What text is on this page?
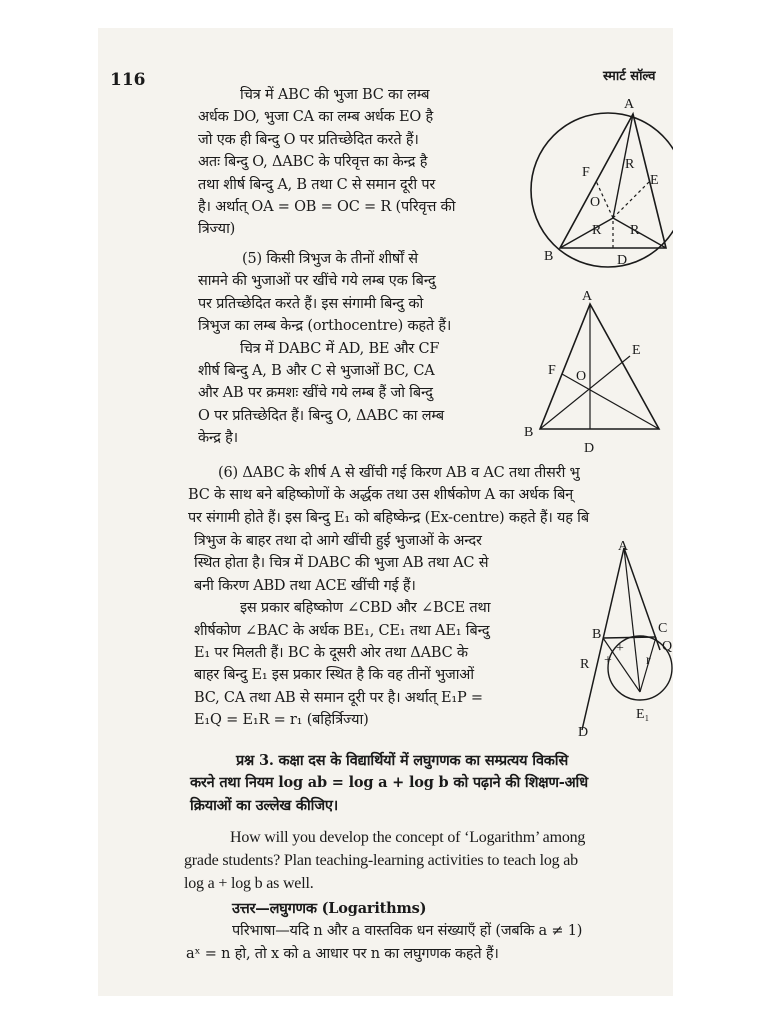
116	स्मार्ट सॉल्व
चित्र में ABC की भुजा BC का लम्ब
अर्धक DO, भुजा CA का लम्ब अर्धक EO है
जो एक ही बिन्दु O पर प्रतिच्छेदित करते हैं।
अतः बिन्दु O, ΔABC के परिवृत्त का केन्द्र है
तथा शीर्ष बिन्दु A, B तथा C से समान दूरी पर
है। अर्थात् OA = OB = OC = R (परिवृत्त की
त्रिज्या)
(5) किसी त्रिभुज के तीनों शीर्षों से
सामने की भुजाओं पर खींचे गये लम्ब एक बिन्दु
पर प्रतिच्छेदित करते हैं। इस संगामी बिन्दु को
त्रिभुज का लम्ब केन्द्र (orthocentre) कहते हैं।
चित्र में DABC में AD, BE और CF
शीर्ष बिन्दु A, B और C से भुजाओं BC, CA
और AB पर क्रमशः खींचे गये लम्ब हैं जो बिन्दु
O पर प्रतिच्छेदित हैं। बिन्दु O, ΔABC का लम्ब
केन्द्र है।
(6) ΔABC के शीर्ष A से खींची गई किरण AB व AC तथा तीसरी भु
BC के साथ बने बहिष्कोणों के अर्द्धक तथा उस शीर्षकोण A का अर्धक बिन्
पर संगामी होते हैं। इस बिन्दु E₁ को बहिष्केन्द्र (Ex-centre) कहते हैं। यह बि
त्रिभुज के बाहर तथा दो आगे खींची हुई भुजाओं के अन्दर
स्थित होता है। चित्र में DABC की भुजा AB तथा AC से
बनी किरण ABD तथा ACE खींची गई हैं।
इस प्रकार बहिष्कोण ∠CBD और ∠BCE तथा
शीर्षकोण ∠BAC के अर्धक BE₁, CE₁ तथा AE₁ बिन्दु
E₁ पर मिलती हैं। BC के दूसरी ओर तथा ΔABC के
बाहर बिन्दु E₁ इस प्रकार स्थित है कि वह तीनों भुजाओं
BC, CA तथा AB से समान दूरी पर है। अर्थात् E₁P =
E₁Q = E₁R = r₁ (बहिर्त्रिज्या)
प्रश्न 3. कक्षा दस के विद्यार्थियों में लघुगणक का सम्प्रत्यय विकसि
करने तथा नियम log ab = log a + log b को पढ़ाने की शिक्षण-अधि
क्रियाओं का उल्लेख कीजिए।
How will you develop the concept of ‘Logarithm’ among
grade students? Plan teaching-learning activities to teach log ab
log a + log b as well.
उत्तर—लघुगणक (Logarithms)
परिभाषा—यदि n और a वास्तविक धन संख्याएँ हों (जबकि a ≠ 1)
aˣ = n हो, तो x को a आधार पर n का लघुगणक कहते हैं।
A
B	D
E
F
O
R
R R
A
B
D
E
F O
A
B	C
R
Q
E₁
D
+
+ r
